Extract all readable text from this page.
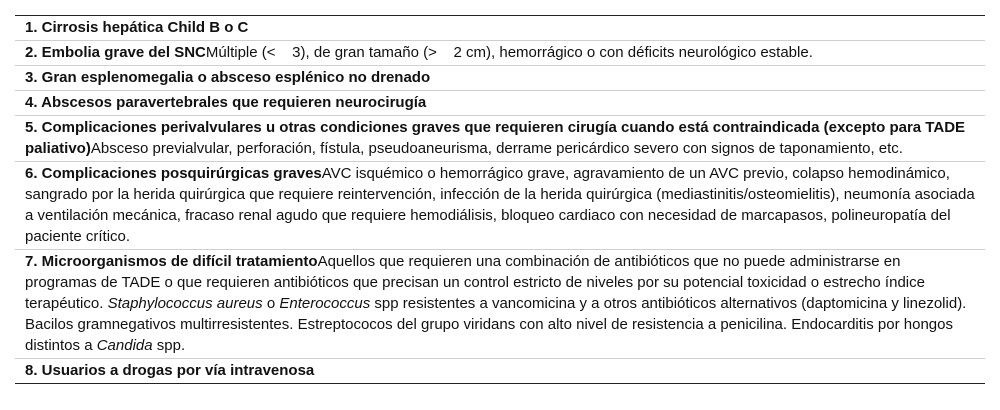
1. Cirrosis hepática Child B o C
2. Embolia grave del SNCMúltiple (<    3), de gran tamaño (>    2 cm), hemorrágico o con déficits neurológico estable.
3. Gran esplenomegalia o absceso esplénico no drenado
4. Abscesos paravertebrales que requieren neurocirugía
5. Complicaciones perivalvulares u otras condiciones graves que requieren cirugía cuando está contraindicada (excepto para TADE paliativo)Absceso previalvular, perforación, fístula, pseudoaneurisma, derrame pericárdico severo con signos de taponamiento, etc.
6. Complicaciones posquirúrgicas gravesAVC isquémico o hemorrágico grave, agravamiento de un AVC previo, colapso hemodinámico, sangrado por la herida quirúrgica que requiere reintervención, infección de la herida quirúrgica (mediastinitis/osteomielitis), neumonía asociada a ventilación mecánica, fracaso renal agudo que requiere hemodiálisis, bloqueo cardiaco con necesidad de marcapasos, polineuropatía del paciente crítico.
7. Microorganismos de difícil tratamientoAquellos que requieren una combinación de antibióticos que no puede administrarse en programas de TADE o que requieren antibióticos que precisan un control estricto de niveles por su potencial toxicidad o estrecho índice terapéutico. Staphylococcus aureus o Enterococcus spp resistentes a vancomicina y a otros antibióticos alternativos (daptomicina y linezolid). Bacilos gramnegativos multirresistentes. Estreptococos del grupo viridans con alto nivel de resistencia a penicilina. Endocarditis por hongos distintos a Candida spp.
8. Usuarios a drogas por vía intravenosa
